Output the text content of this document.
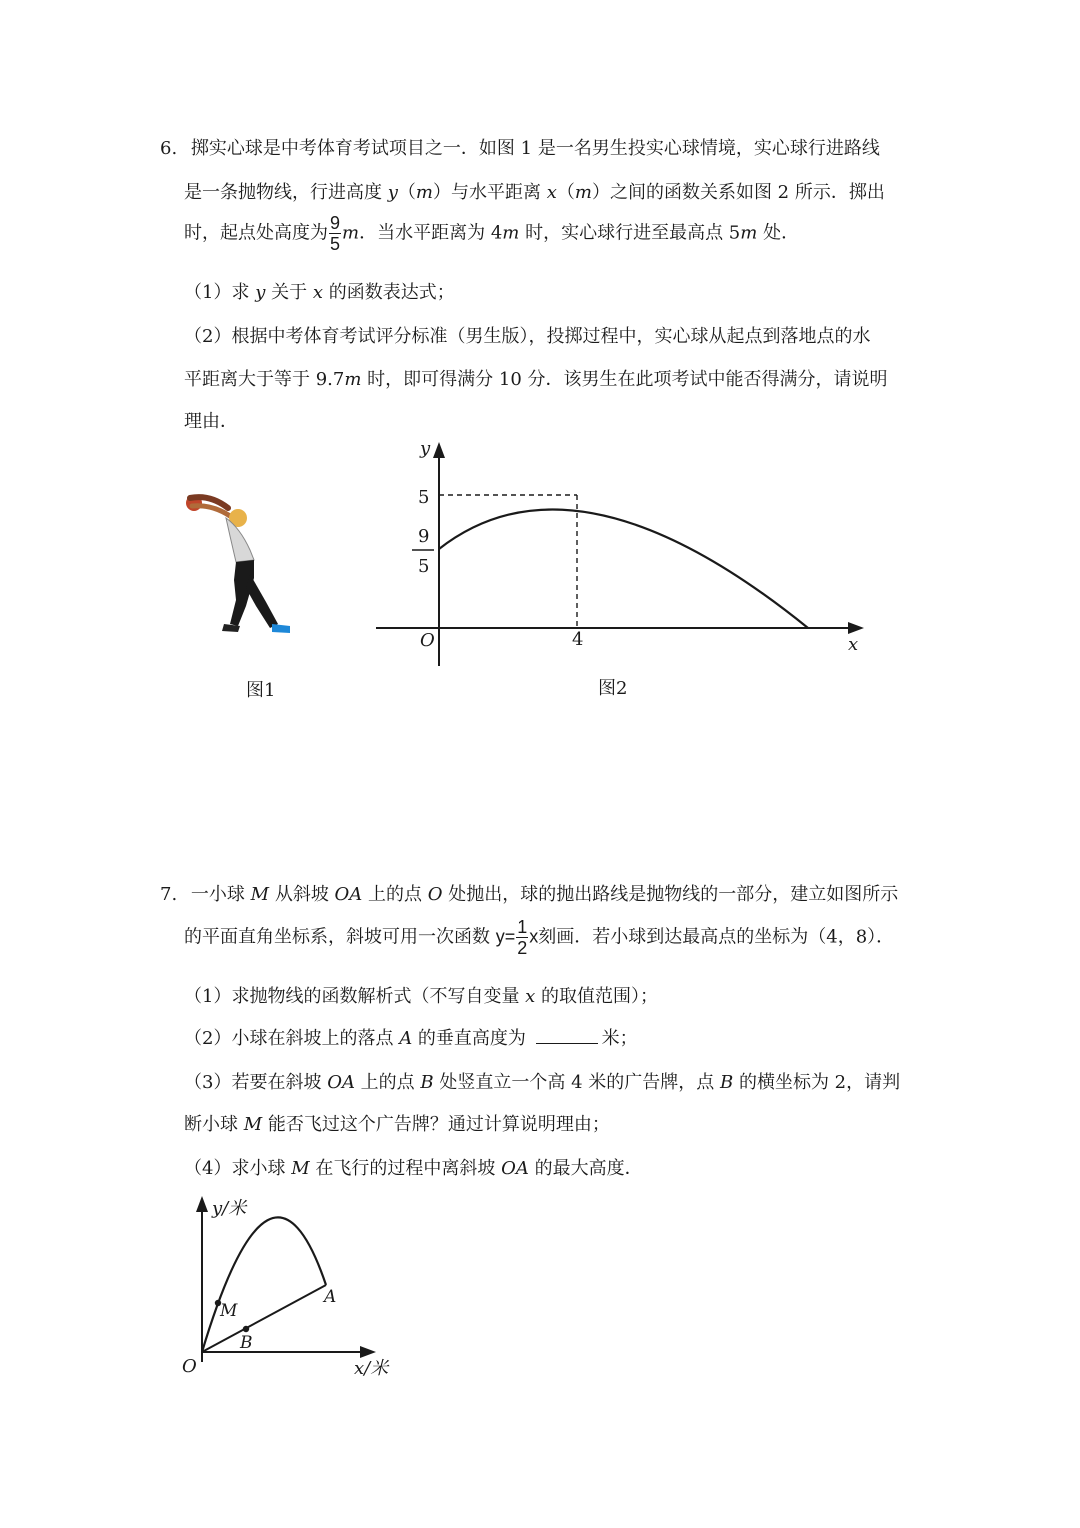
6. 掷实心球是中考体育考试项目之一．如图 1 是一名男生投实心球情境，实心球行进路线
是一条抛物线，行进高度 y（m）与水平距离 x（m）之间的函数关系如图 2 所示．掷出
时，起点处高度为 $\frac{9}{5}$ m．当水平距离为 4m 时，实心球行进至最高点 5m 处．
（1）求 y 关于 x 的函数表达式；
（2）根据中考体育考试评分标准（男生版），投掷过程中，实心球从起点到落地点的水
平距离大于等于 9.7m 时，即可得满分 10 分．该男生在此项考试中能否得满分，请说明
理由．
图1
y
x
O
5
4
9
5
图2
7. 一小球 M 从斜坡 OA 上的点 O 处抛出，球的抛出路线是抛物线的一部分，建立如图所示
的平面直角坐标系，斜坡可用一次函数 $y= \frac{1}{2}$ x刻画．若小球到达最高点的坐标为（4，8）．
（1）求抛物线的函数解析式（不写自变量 x 的取值范围）；
（2）小球在斜坡上的落点 A 的垂直高度为	米；
（3）若要在斜坡 OA 上的点 B 处竖直立一个高 4 米的广告牌，点 B 的横坐标为 2，请判
断小球 M 能否飞过这个广告牌？通过计算说明理由；
（4）求小球 M 在飞行的过程中离斜坡 OA 的最大高度．
y/米
x/米
O
M
A
B
